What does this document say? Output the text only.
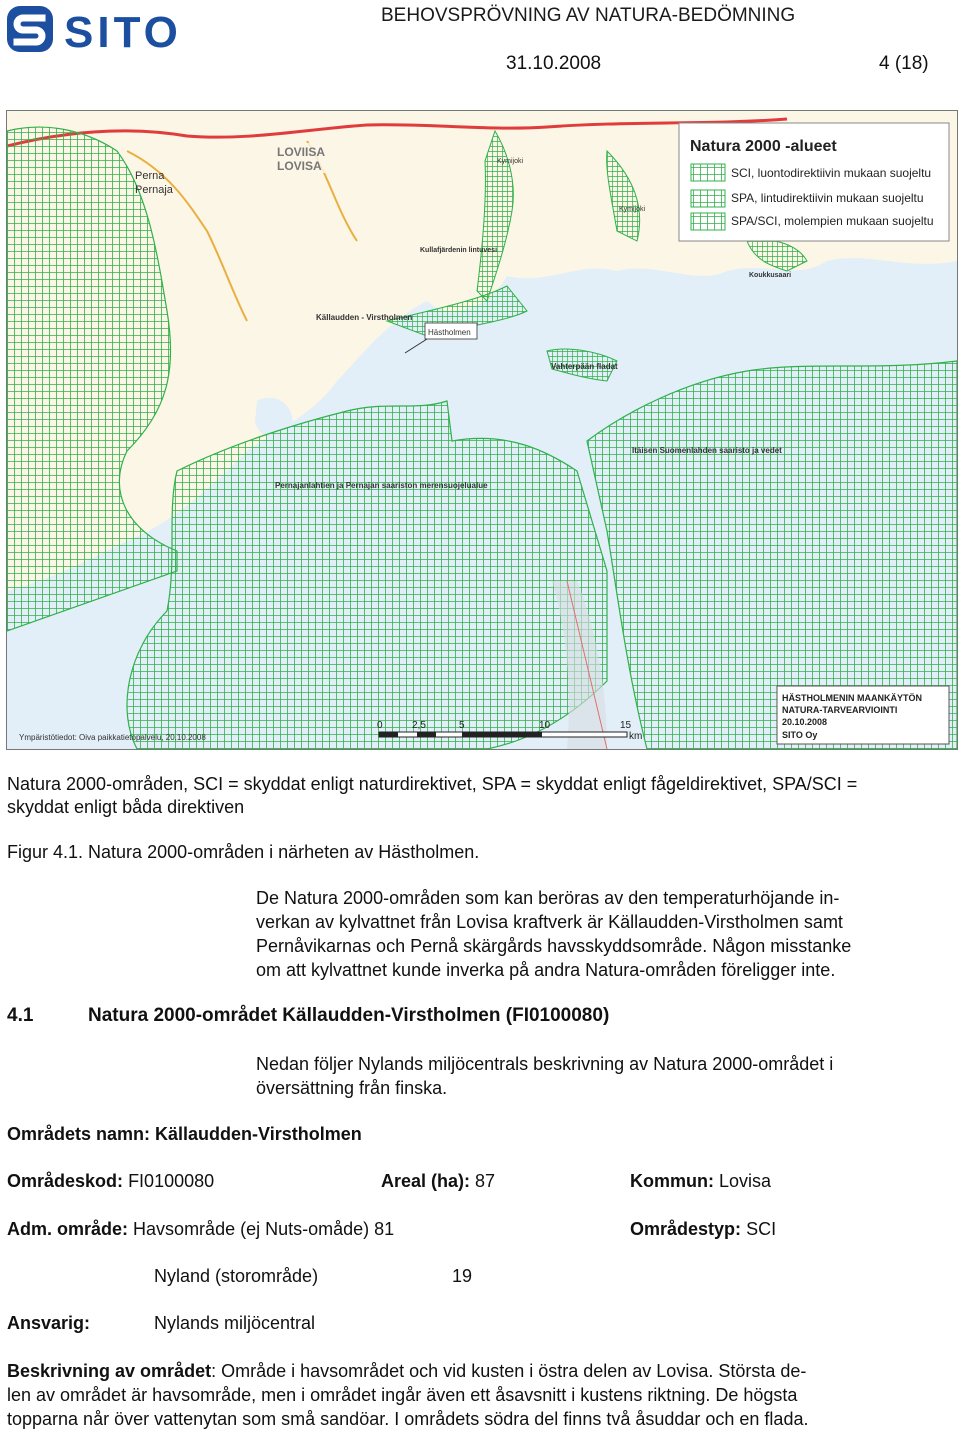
SITO	BEHOVSPRÖVNING AV NATURA-BEDÖMNING
31.10.2008	4 (18)
LOVIISA
LOVISA
Perna
Pernaja
Kymijoki
Kymijoki
Kullafjärdenin lintuvesi
Källaudden - Virstholmen
Hästholmen
Vahterpään fladat
Koukkusaari
Itäisen Suomenlahden saaristo ja vedet
Pernajanlahtien ja Pernajan saariston merensuojelualue
Natura 2000 -alueet
SCI, luontodirektiivin mukaan suojeltu
SPA, lintudirektiivin mukaan suojeltu
SPA/SCI, molempien mukaan suojeltu
0	2,5	5	10	15
km
Ympäristötiedot: Oiva paikkatietopalvelu, 20.10.2008
HÄSTHOLMENIN MAANKÄYTÖN
NATURA-TARVEARVIOINTI
20.10.2008
SITO Oy
Natura 2000-områden, SCI = skyddat enligt naturdirektivet, SPA = skyddat enligt fågeldirektivet, SPA/SCI =
skyddat enligt båda direktiven
Figur 4.1. Natura 2000-områden i närheten av Hästholmen.
De Natura 2000-områden som kan beröras av den temperaturhöjande in-
verkan av kylvattnet från Lovisa kraftverk är Källaudden-Virstholmen samt
Pernåvikarnas och Pernå skärgårds havsskyddsområde. Någon misstanke
om att kylvattnet kunde inverka på andra Natura-områden föreligger inte.
4.1	Natura 2000-området Källaudden-Virstholmen (FI0100080)
Nedan följer Nylands miljöcentrals beskrivning av Natura 2000-området i
översättning från finska.
Områdets namn: Källaudden-Virstholmen
Områdeskod: FI0100080	Areal (ha): 87	Kommun: Lovisa
Adm. område: Havsområde (ej Nuts-omåde) 81	Områdestyp: SCI
Nyland (storområde)	19
Ansvarig:	Nylands miljöcentral
Beskrivning av området: Område i havsområdet och vid kusten i östra delen av Lovisa. Största de-
len av området är havsområde, men i området ingår även ett åsavsnitt i kustens riktning. De högsta
topparna når över vattenytan som små sandöar. I områdets södra del finns två åsuddar och en flada.
